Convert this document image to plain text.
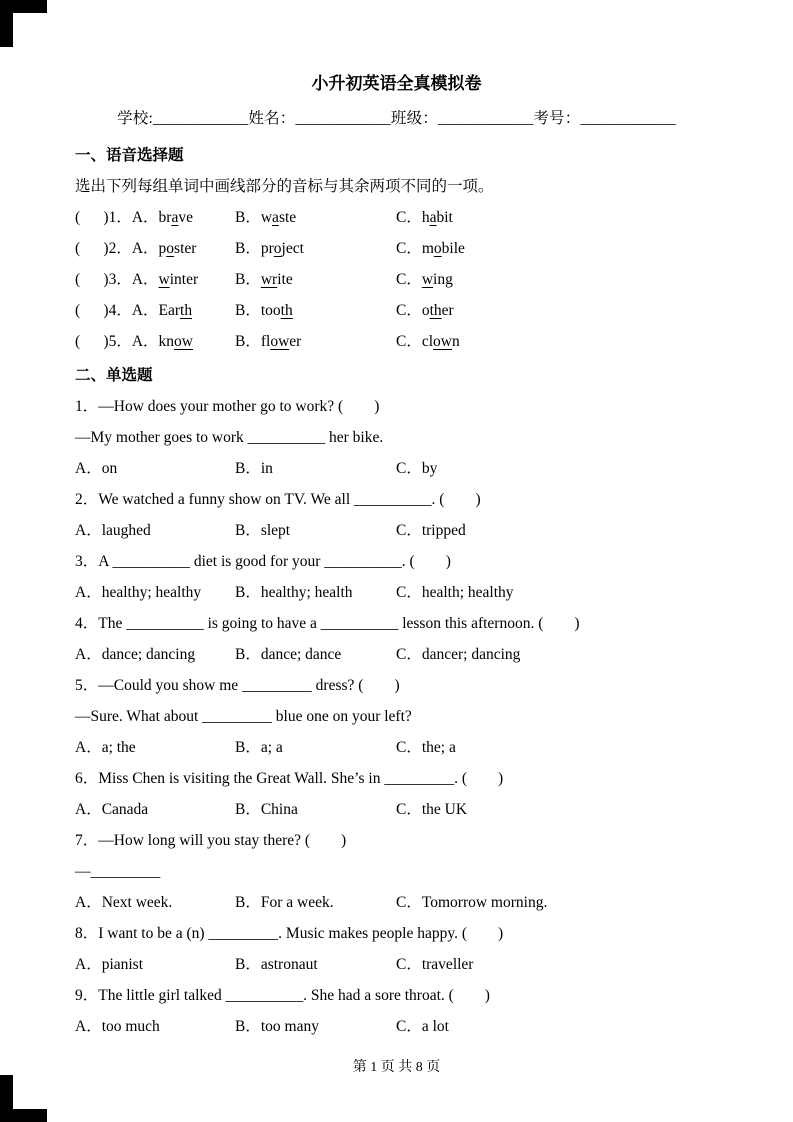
小升初英语全真模拟卷
学校:____________姓名：____________班级：____________考号：____________
一、语音选择题

选出下列每组单词中画线部分的音标与其余两项不同的一项。

(      )1．A．brave	B．waste	C．habit
(      )2．A．poster	B．project	C．mobile
(      )3．A．winter	B．write	C．wing
(      )4．A．Earth	B．tooth	C．other
(      )5．A．know	B．flower	C．clown
二、单选题

1．—How does your mother go to work? (        )

—My mother goes to work __________ her bike.

A．on	B．in	C．by

2．We watched a funny show on TV. We all __________. (        )

A．laughed	B．slept	C．tripped

3．A __________ diet is good for your __________. (        )

A．healthy; healthy	B．healthy; health	C．health; healthy

4．The __________ is going to have a __________ lesson this afternoon. (        )

A．dance; dancing	B．dance; dance	C．dancer; dancing

5．—Could you show me _________ dress? (        )

—Sure. What about _________ blue one on your left?

A．a; the	B．a; a	C．the; a

6．Miss Chen is visiting the Great Wall. She’s in _________. (        )

A．Canada	B．China	C．the UK

7．—How long will you stay there? (        )

—_________

A．Next week.	B．For a week.	C．Tomorrow morning.

8．I want to be a (n) _________. Music makes people happy. (        )

A．pianist	B．astronaut	C．traveller

9．The little girl talked __________. She had a sore throat. (        )

A．too much	B．too many	C．a lot
第 1 页 共 8 页
